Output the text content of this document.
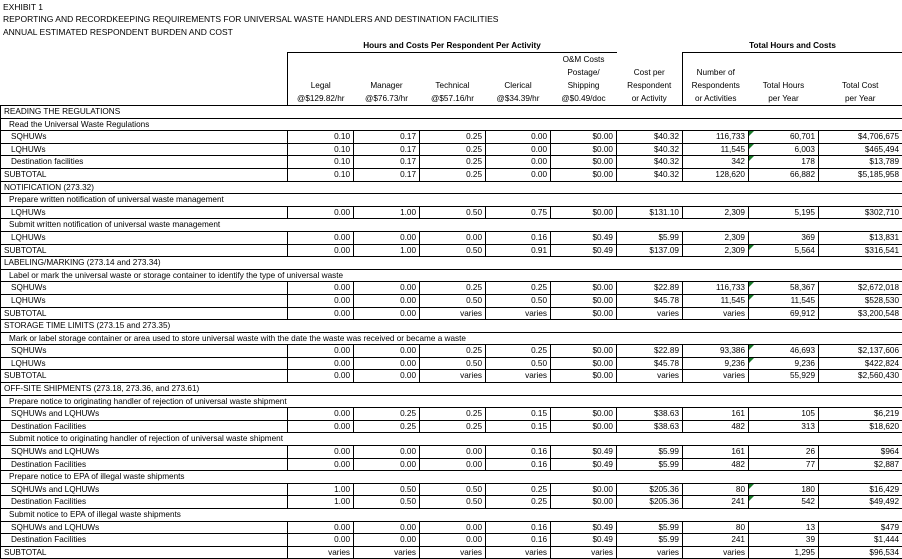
EXHIBIT 1
REPORTING AND RECORDKEEPING REQUIREMENTS FOR UNIVERSAL WASTE HANDLERS AND DESTINATION FACILITIES
ANNUAL ESTIMATED RESPONDENT BURDEN AND COST
	Hours and Costs Per Respondent Per Activity						Total Hours and Costs		
					O&M Costs				
					Postage/	Cost per	Number of		
	Legal	Manager	Technical	Clerical	Shipping	Respondent	Respondents	Total Hours	Total Cost
	@$129.82/hr	@$76.73/hr	@$57.16/hr	@$34.39/hr	@$0.49/doc	or Activity	or Activities	per Year	per Year
READING THE REGULATIONS									
Read the Universal Waste Regulations									
SQHUWs	0.10	0.17	0.25	0.00	$0.00	$40.32	116,733	60,701	$4,706,675
LQHUWs	0.10	0.17	0.25	0.00	$0.00	$40.32	11,545	6,003	$465,494
Destination facilities	0.10	0.17	0.25	0.00	$0.00	$40.32	342	178	$13,789
SUBTOTAL	0.10	0.17	0.25	0.00	$0.00	$40.32	128,620	66,882	$5,185,958
NOTIFICATION (273.32)									
Prepare written notification of universal waste management									
LQHUWs	0.00	1.00	0.50	0.75	$0.00	$131.10	2,309	5,195	$302,710
Submit written notification of universal waste management									
LQHUWs	0.00	0.00	0.00	0.16	$0.49	$5.99	2,309	369	$13,831
SUBTOTAL	0.00	1.00	0.50	0.91	$0.49	$137.09	2,309	5,564	$316,541
LABELING/MARKING (273.14 and 273.34)									
Label or mark the universal waste or storage container to identify the type of universal waste									
SQHUWs	0.00	0.00	0.25	0.25	$0.00	$22.89	116,733	58,367	$2,672,018
LQHUWs	0.00	0.00	0.50	0.50	$0.00	$45.78	11,545	11,545	$528,530
SUBTOTAL	0.00	0.00	varies	varies	$0.00	varies	varies	69,912	$3,200,548
STORAGE TIME LIMITS (273.15 and 273.35)									
Mark or label storage container or area used to store universal waste with the date the waste was received or became a waste									
SQHUWs	0.00	0.00	0.25	0.25	$0.00	$22.89	93,386	46,693	$2,137,606
LQHUWs	0.00	0.00	0.50	0.50	$0.00	$45.78	9,236	9,236	$422,824
SUBTOTAL	0.00	0.00	varies	varies	$0.00	varies	varies	55,929	$2,560,430
OFF-SITE SHIPMENTS (273.18, 273.36, and 273.61)									
Prepare notice to originating handler of rejection of universal waste shipment									
SQHUWs and LQHUWs	0.00	0.25	0.25	0.15	$0.00	$38.63	161	105	$6,219
Destination Facilities	0.00	0.25	0.25	0.15	$0.00	$38.63	482	313	$18,620
Submit notice to originating handler of rejection of universal waste shipment									
SQHUWs and LQHUWs	0.00	0.00	0.00	0.16	$0.49	$5.99	161	26	$964
Destination Facilities	0.00	0.00	0.00	0.16	$0.49	$5.99	482	77	$2,887
Prepare notice to EPA of illegal waste shipments									
SQHUWs and LQHUWs	1.00	0.50	0.50	0.25	$0.00	$205.36	80	180	$16,429
Destination Facilities	1.00	0.50	0.50	0.25	$0.00	$205.36	241	542	$49,492
Submit notice to EPA of illegal waste shipments									
SQHUWs and LQHUWs	0.00	0.00	0.00	0.16	$0.49	$5.99	80	13	$479
Destination Facilities	0.00	0.00	0.00	0.16	$0.49	$5.99	241	39	$1,444
SUBTOTAL	varies	varies	varies	varies	varies	varies	varies	1,295	$96,534
